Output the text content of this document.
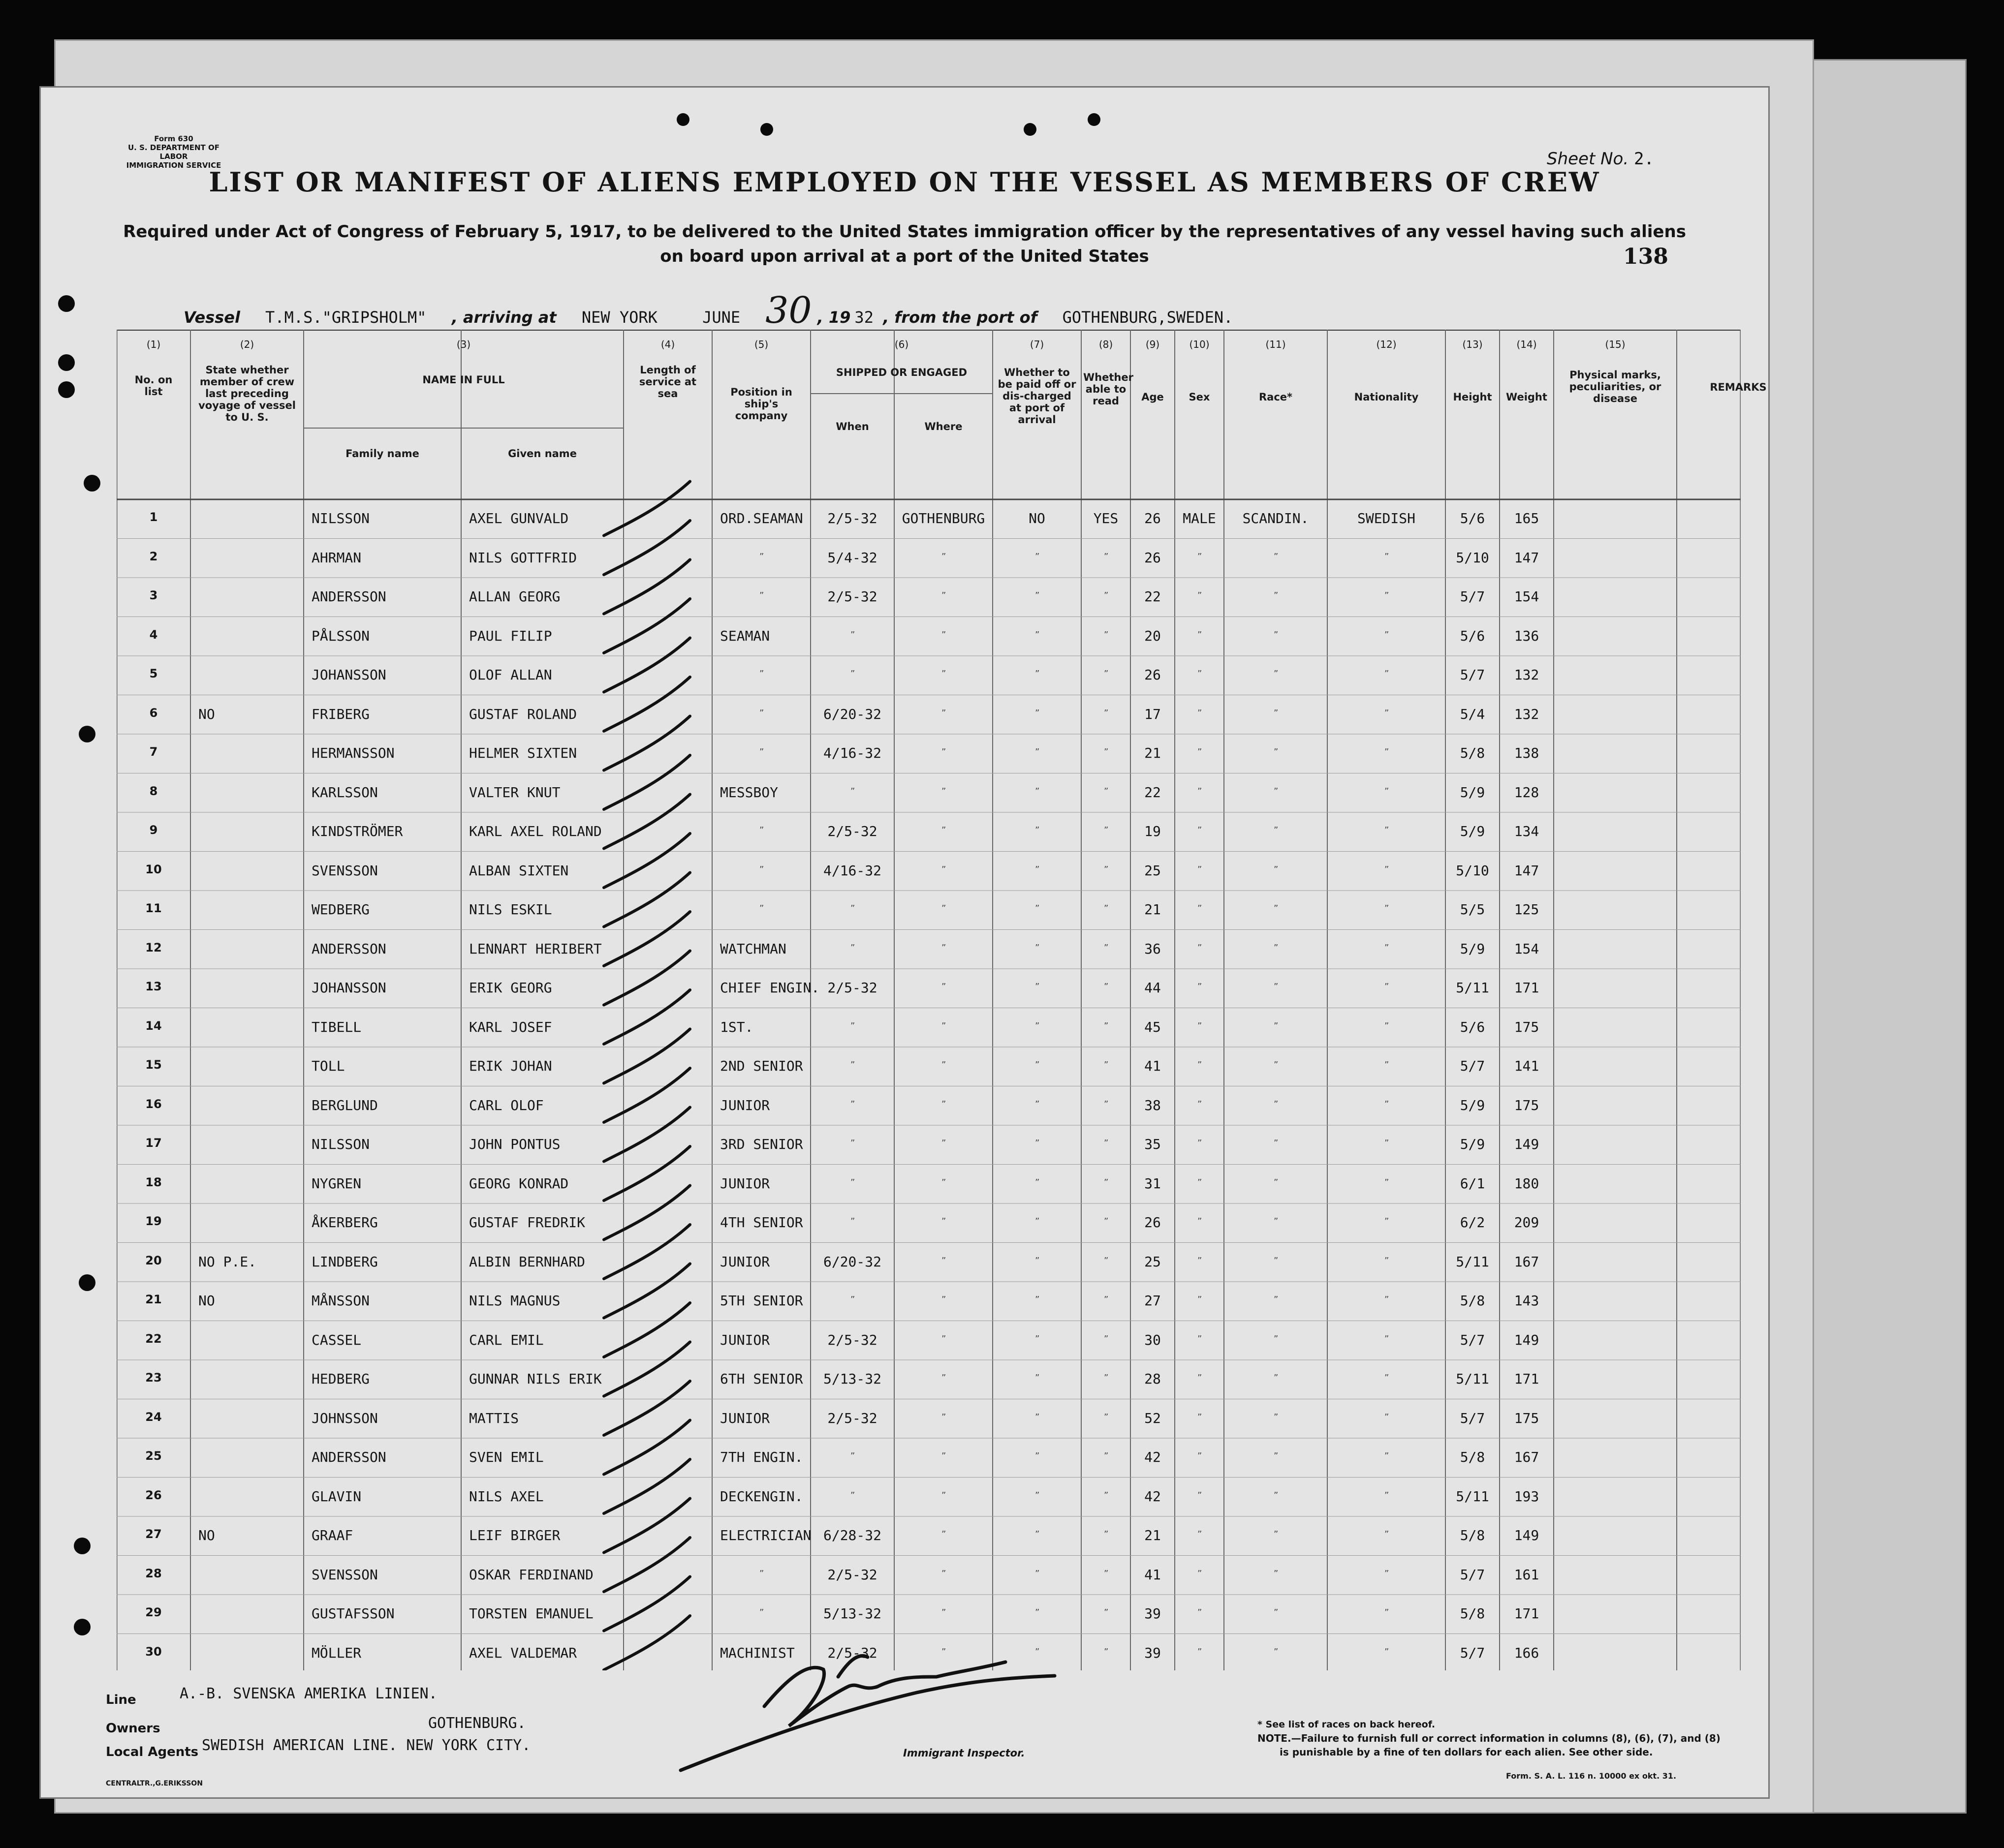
Form 630
U. S. DEPARTMENT OF LABOR
IMMIGRATION SERVICE	Sheet No. 2.
LIST OR MANIFEST OF ALIENS EMPLOYED ON THE VESSEL AS MEMBERS OF CREW
Required under Act of Congress of February 5, 1917, to be delivered to the United States immigration officer by the representatives of any vessel having such aliens on board upon arrival at a port of the United States	138
Vessel T.M.S."GRIPSHOLM" , arriving at NEW YORK	JUNE 30 , 19 32 , from the port of GOTHENBURG,SWEDEN.
(1)	(2)	(3)	(4)	(5)	(6)	(7)	(8)	(9)	(10)	(11)	(12)	(13)	(14)	(15)
No. on list
State whether member of crew last preceding voyage of vessel to U. S.
NAME IN FULL
Family name	Given name
Length of service at sea	Position in ship's company
SHIPPED OR ENGAGED
When	Where
Whether to be paid off or dis-charged at port of arrival
Whether able to read	Age	Sex	Race*	Nationality	Height	Weight
Physical marks, peculiarities, or disease
REMARKS
1	NILSSON	AXEL GUNVALD	ORD.SEAMAN	2/5-32	GOTHENBURG	NO	YES	26	MALE	SCANDIN.	SWEDISH	5/6	165
2	AHRMAN	NILS GOTTFRID	”	5/4-32	”	”	”	26	”	”	”	5/10	147
3	ANDERSSON	ALLAN GEORG	”	2/5-32	”	”	”	22	”	”	”	5/7	154
4	PÅLSSON	PAUL FILIP	SEAMAN	”	”	”	”	20	”	”	”	5/6	136
5	JOHANSSON	OLOF ALLAN	”	”	”	”	”	26	”	”	”	5/7	132
6	NO	FRIBERG	GUSTAF ROLAND	”	6/20-32	”	”	”	17	”	”	”	5/4	132
7	HERMANSSON	HELMER SIXTEN	”	4/16-32	”	”	”	21	”	”	”	5/8	138
8	KARLSSON	VALTER KNUT	MESSBOY	”	”	”	”	22	”	”	”	5/9	128
9	KINDSTRÖMER	KARL AXEL ROLAND	”	2/5-32	”	”	”	19	”	”	”	5/9	134
10	SVENSSON	ALBAN SIXTEN	”	4/16-32	”	”	”	25	”	”	”	5/10	147
11	WEDBERG	NILS ESKIL	”	”	”	”	”	21	”	”	”	5/5	125
12	ANDERSSON	LENNART HERIBERT	WATCHMAN	”	”	”	”	36	”	”	”	5/9	154
13	JOHANSSON	ERIK GEORG	CHIEF ENGIN. 2/5-32	”	”	”	44	”	”	”	5/11	171
14	TIBELL	KARL JOSEF	1ST.	”	”	”	”	45	”	”	”	5/6	175
15	TOLL	ERIK JOHAN	2ND SENIOR	”	”	”	”	41	”	”	”	5/7	141
16	BERGLUND	CARL OLOF	JUNIOR	”	”	”	”	38	”	”	”	5/9	175
17	NILSSON	JOHN PONTUS	3RD SENIOR	”	”	”	”	35	”	”	”	5/9	149
18	NYGREN	GEORG KONRAD	JUNIOR	”	”	”	”	31	”	”	”	6/1	180
19	ÅKERBERG	GUSTAF FREDRIK	4TH SENIOR	”	”	”	”	26	”	”	”	6/2	209
20	NO P.E.	LINDBERG	ALBIN BERNHARD	JUNIOR	6/20-32	”	”	”	25	”	”	”	5/11	167
21	NO	MÅNSSON	NILS MAGNUS	5TH SENIOR	”	”	”	”	27	”	”	”	5/8	143
22	CASSEL	CARL EMIL	JUNIOR	2/5-32	”	”	”	30	”	”	”	5/7	149
23	HEDBERG	GUNNAR NILS ERIK	6TH SENIOR	5/13-32	”	”	”	28	”	”	”	5/11	171
24	JOHNSSON	MATTIS	JUNIOR	2/5-32	”	”	”	52	”	”	”	5/7	175
25	ANDERSSON	SVEN EMIL	7TH ENGIN.	”	”	”	”	42	”	”	”	5/8	167
26	GLAVIN	NILS AXEL	DECKENGIN.	”	”	”	”	42	”	”	”	5/11	193
27	NO	GRAAF	LEIF BIRGER	ELECTRICIAN 6/28-32	”	”	”	21	”	”	”	5/8	149
28	SVENSSON	OSKAR FERDINAND	”	2/5-32	”	”	”	41	”	”	”	5/7	161
29	GUSTAFSSON	TORSTEN EMANUEL	”	5/13-32	”	”	”	39	”	”	”	5/8	171
30	MÖLLER	AXEL VALDEMAR	MACHINIST	2/5-32	”	”	”	39	”	”	”	5/7	166
Line	A.-B. SVENSKA AMERIKA LINIEN.
Owners	GOTHENBURG.
Local Agents SWEDISH AMERICAN LINE. NEW YORK CITY.
CENTRALTR.,G.ERIKSSON
Immigrant Inspector.
* See list of races on back hereof.
NOTE.—Failure to furnish full or correct information in columns (8), (6), (7), and (8)
is punishable by a fine of ten dollars for each alien. See other side.
Form. S. A. L. 116 n. 10000 ex okt. 31.
